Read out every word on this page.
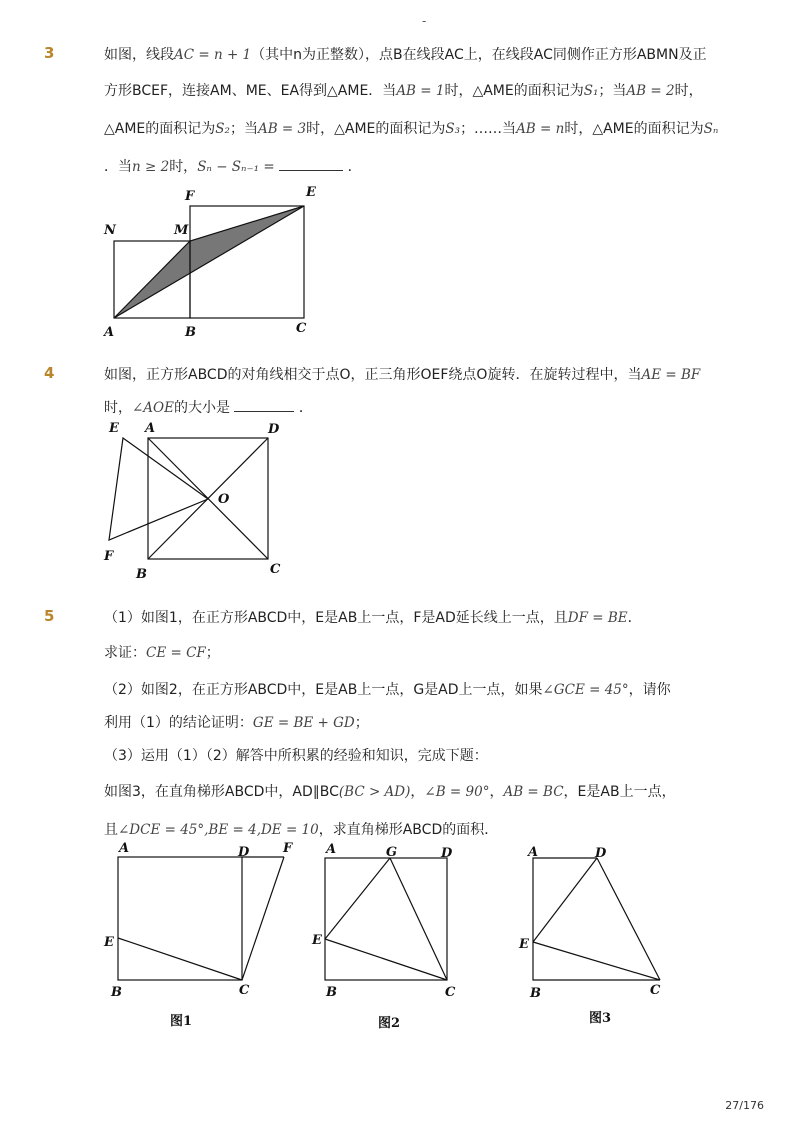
-
3	如图，线段AC = n + 1（其中n为正整数），点B在线段AC上，在线段AC同侧作正方形ABMN及正
方形BCEF，连接AM、ME、EA得到△AME．当AB = 1时，△AME的面积记为S₁；当AB = 2时，
△AME的面积记为S₂；当AB = 3时，△AME的面积记为S₃；……当AB = n时，△AME的面积记为Sₙ
．当n ≥ 2时，Sₙ − Sₙ₋₁ =	．
N	M
F	E
A	B	C
4	如图，正方形ABCD的对角线相交于点O，正三角形OEF绕点O旋转．在旋转过程中，当AE = BF
时，∠AOE的大小是	．
E A	D
O
F
B	C
5	（1）如图1，在正方形ABCD中，E是AB上一点，F是AD延长线上一点，且DF = BE．
求证：CE = CF；
（2）如图2，在正方形ABCD中，E是AB上一点，G是AD上一点，如果∠GCE = 45°，请你
利用（1）的结论证明：GE = BE + GD；
（3）运用（1）（2）解答中所积累的经验和知识，完成下题：
如图3，在直角梯形ABCD中，AD∥BC(BC > AD)，∠B = 90°，AB = BC，E是AB上一点，
且∠DCE = 45°,BE = 4,DE = 10，求直角梯形ABCD的面积．
A	D	F
E
B	C
图1
A	G	D
E
B	C
图2
A	D
E
B	C
图3
27/176
